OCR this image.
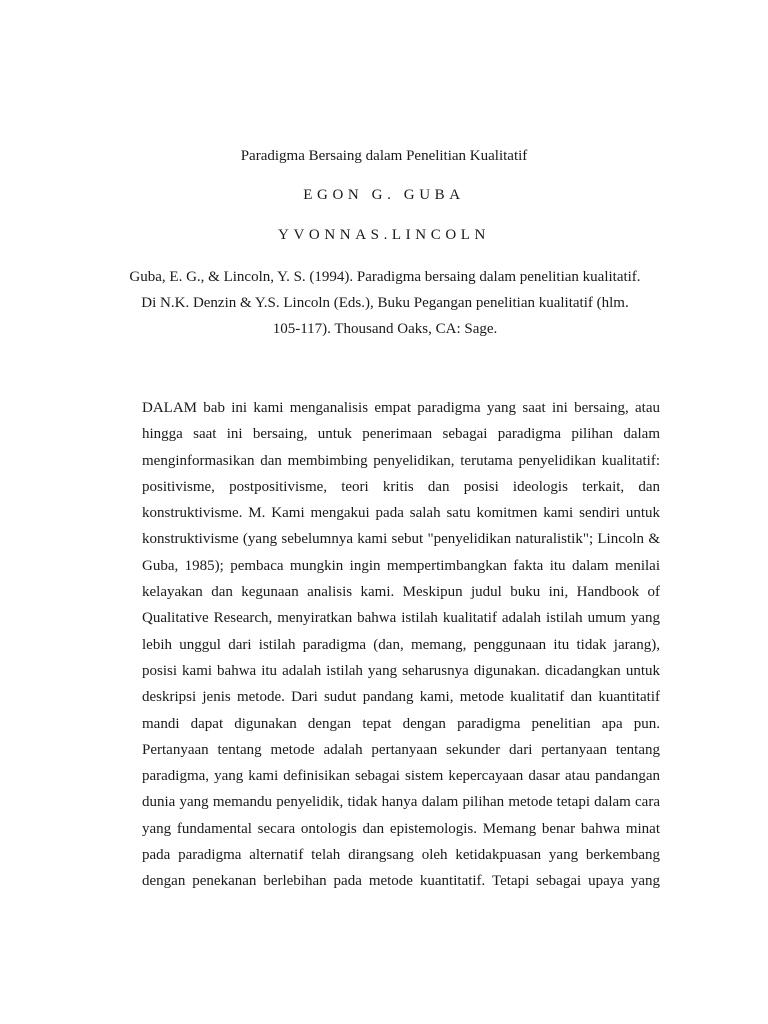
Paradigma Bersaing dalam Penelitian Kualitatif
EGON G. GUBA
YVONNAS.LINCOLN
Guba, E. G., & Lincoln, Y. S. (1994). Paradigma bersaing dalam penelitian kualitatif.
Di N.K. Denzin & Y.S. Lincoln (Eds.), Buku Pegangan penelitian kualitatif (hlm.
105-117). Thousand Oaks, CA: Sage.
DALAM bab ini kami menganalisis empat paradigma yang saat ini bersaing, atau
hingga saat ini bersaing, untuk penerimaan sebagai paradigma pilihan dalam
menginformasikan dan membimbing penyelidikan, terutama penyelidikan kualitatif:
positivisme, postpositivisme, teori kritis dan posisi ideologis terkait, dan
konstruktivisme. M. Kami mengakui pada salah satu komitmen kami sendiri untuk
konstruktivisme (yang sebelumnya kami sebut "penyelidikan naturalistik"; Lincoln &
Guba, 1985); pembaca mungkin ingin mempertimbangkan fakta itu dalam menilai
kelayakan dan kegunaan analisis kami. Meskipun judul buku ini, Handbook of
Qualitative Research, menyiratkan bahwa istilah kualitatif adalah istilah umum yang
lebih unggul dari istilah paradigma (dan, memang, penggunaan itu tidak jarang),
posisi kami bahwa itu adalah istilah yang seharusnya digunakan. dicadangkan untuk
deskripsi jenis metode. Dari sudut pandang kami, metode kualitatif dan kuantitatif
mandi dapat digunakan dengan tepat dengan paradigma penelitian apa pun.
Pertanyaan tentang metode adalah pertanyaan sekunder dari pertanyaan tentang
paradigma, yang kami definisikan sebagai sistem kepercayaan dasar atau pandangan
dunia yang memandu penyelidik, tidak hanya dalam pilihan metode tetapi dalam cara
yang fundamental secara ontologis dan epistemologis. Memang benar bahwa minat
pada paradigma alternatif telah dirangsang oleh ketidakpuasan yang berkembang
dengan penekanan berlebihan pada metode kuantitatif. Tetapi sebagai upaya yang
